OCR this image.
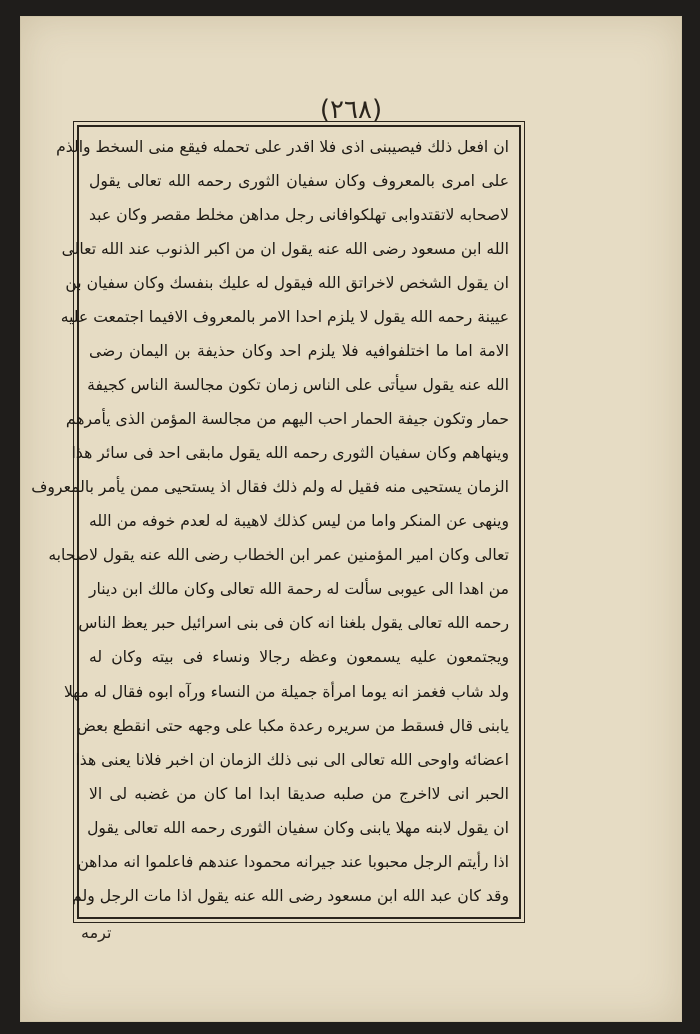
(٢٦٨)
ان افعل ذلك فيصيبنى اذى فلا اقدر على تحمله فيقع منى السخط والذم
على امرى بالمعروف وكان سفيان الثورى رحمه الله تعالى يقول
لاصحابه لاتقتدوابى تهلكوافانى رجل مداهن مخلط مقصر وكان عبد
الله ابن مسعود رضى الله عنه يقول ان من اكبر الذنوب عند الله تعالى
ان يقول الشخص لاخراتق الله فيقول له عليك بنفسك وكان سفيان بن
عيينة رحمه الله يقول لا يلزم احدا الامر بالمعروف الافيما اجتمعت عليه
الامة اما ما اختلفوافيه فلا يلزم احد وكان حذيفة بن اليمان رضى
الله عنه يقول سيأتى على الناس زمان تكون مجالسة الناس كجيفة
حمار وتكون جيفة الحمار احب اليهم من مجالسة المؤمن الذى يأمرهم
وينهاهم وكان سفيان الثورى رحمه الله يقول مابقى احد فى سائر هذا
الزمان يستحيى منه فقيل له ولم ذلك فقال اذ يستحيى ممن يأمر بالمعروف
وينهى عن المنكر واما من ليس كذلك لاهيبة له لعدم خوفه من الله
تعالى وكان امير المؤمنين عمر ابن الخطاب رضى الله عنه يقول لاصحابه
من اهدا الى عيوبى سألت له رحمة الله تعالى وكان مالك ابن دينار
رحمه الله تعالى يقول بلغنا انه كان فى بنى اسرائيل حبر يعظ الناس
ويجتمعون عليه يسمعون وعظه رجالا ونساء فى بيته وكان له
ولد شاب فغمز انه يوما امرأة جميلة من النساء ورآه ابوه فقال له مهلا
يابنى قال فسقط من سريره رعدة مكبا على وجهه حتى انقطع بعض
اعضائه واوحى الله تعالى الى نبى ذلك الزمان ان اخبر فلانا يعنى هذا
الحبر انى لااخرج من صلبه صديقا ابدا اما كان من غضبه لى الا
ان يقول لابنه مهلا يابنى وكان سفيان الثورى رحمه الله تعالى يقول
اذا رأيتم الرجل محبوبا عند جيرانه محمودا عندهم فاعلموا انه مداهن
وقد كان عبد الله ابن مسعود رضى الله عنه يقول اذا مات الرجل ولم
ترمه
